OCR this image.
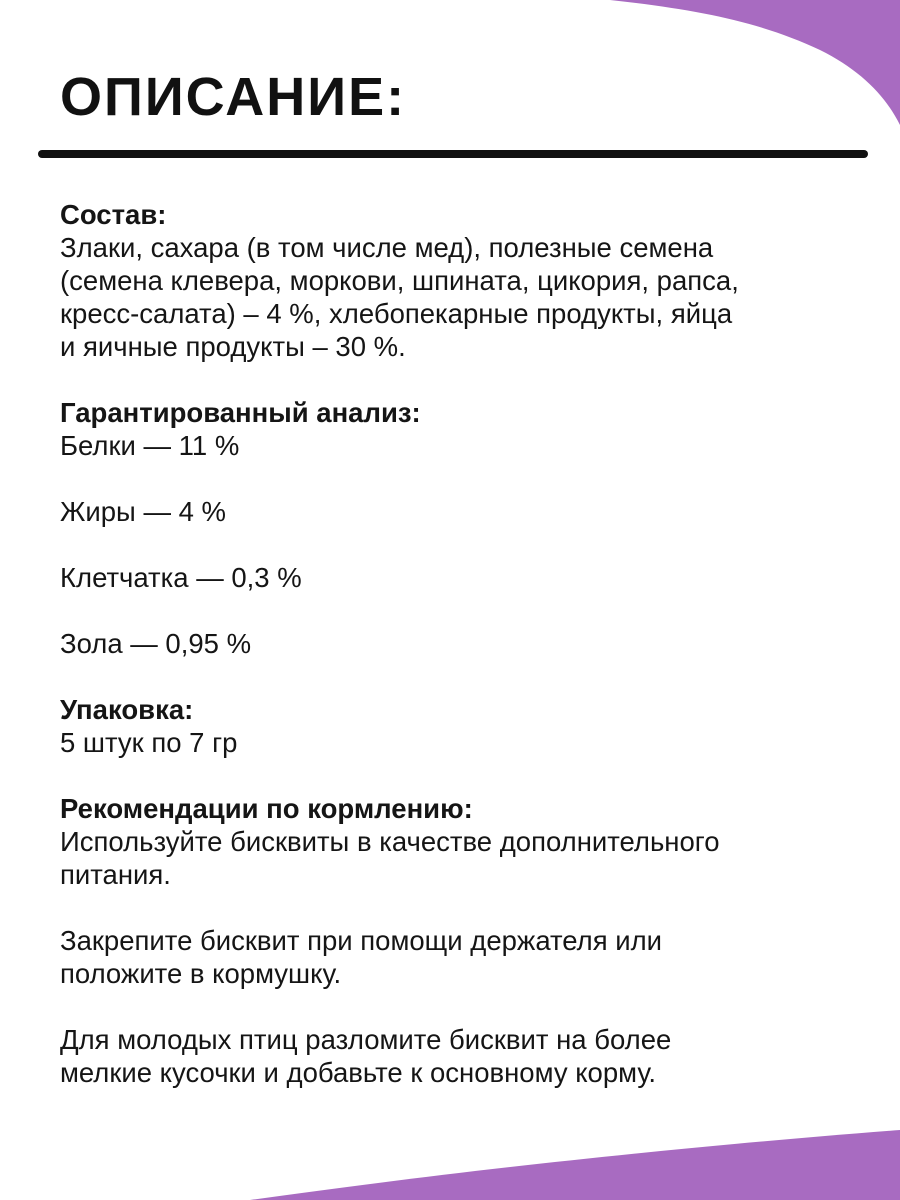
ОПИСАНИЕ:

Состав:

Злаки, сахара (в том числе мед), полезные семена

(семена клевера, моркови, шпината, цикория, рапса,

кресс-салата) – 4 %, хлебопекарные продукты, яйца

и яичные продукты – 30 %.

Гарантированный анализ:

Белки — 11 %

Жиры — 4 %

Клетчатка — 0,3 %

Зола — 0,95 %

Упаковка:

5 штук по 7 гр

Рекомендации по кормлению:

Используйте бисквиты в качестве дополнительного

питания.

Закрепите бисквит при помощи держателя или

положите в кормушку.

Для молодых птиц разломите бисквит на более

мелкие кусочки и добавьте к основному корму.
